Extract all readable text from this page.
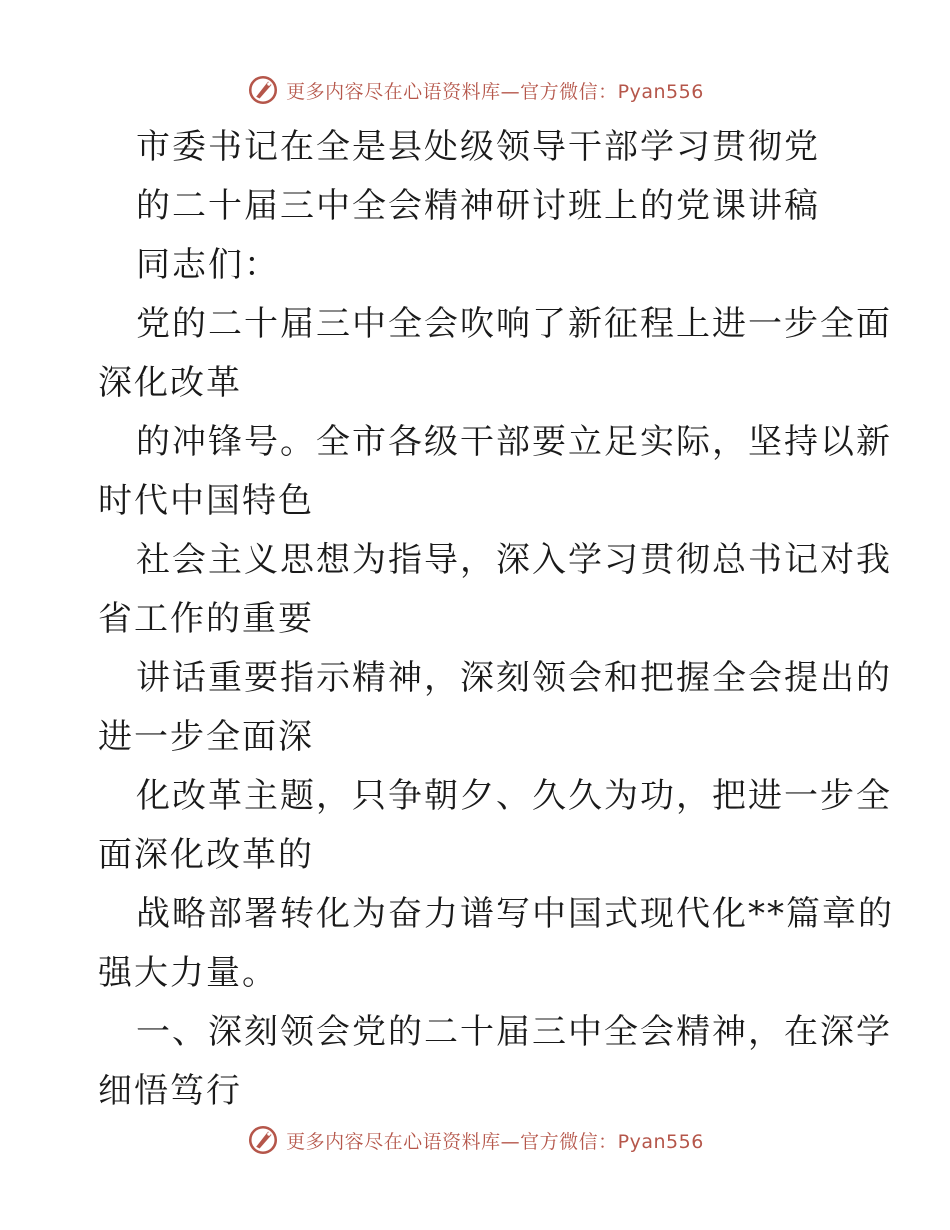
更多内容尽在心语资料库—官方微信：Pyan556
市委书记在全是县处级领导干部学习贯彻党
的二十届三中全会精神研讨班上的党课讲稿
同志们：
党的二十届三中全会吹响了新征程上进一步全面
深化改革
的冲锋号。全市各级干部要立足实际，坚持以新
时代中国特色
社会主义思想为指导，深入学习贯彻总书记对我
省工作的重要
讲话重要指示精神，深刻领会和把握全会提出的
进一步全面深
化改革主题，只争朝夕、久久为功，把进一步全
面深化改革的
战略部署转化为奋力谱写中国式现代化**篇章的
强大力量。
一、深刻领会党的二十届三中全会精神，在深学
细悟笃行
更多内容尽在心语资料库—官方微信：Pyan556
